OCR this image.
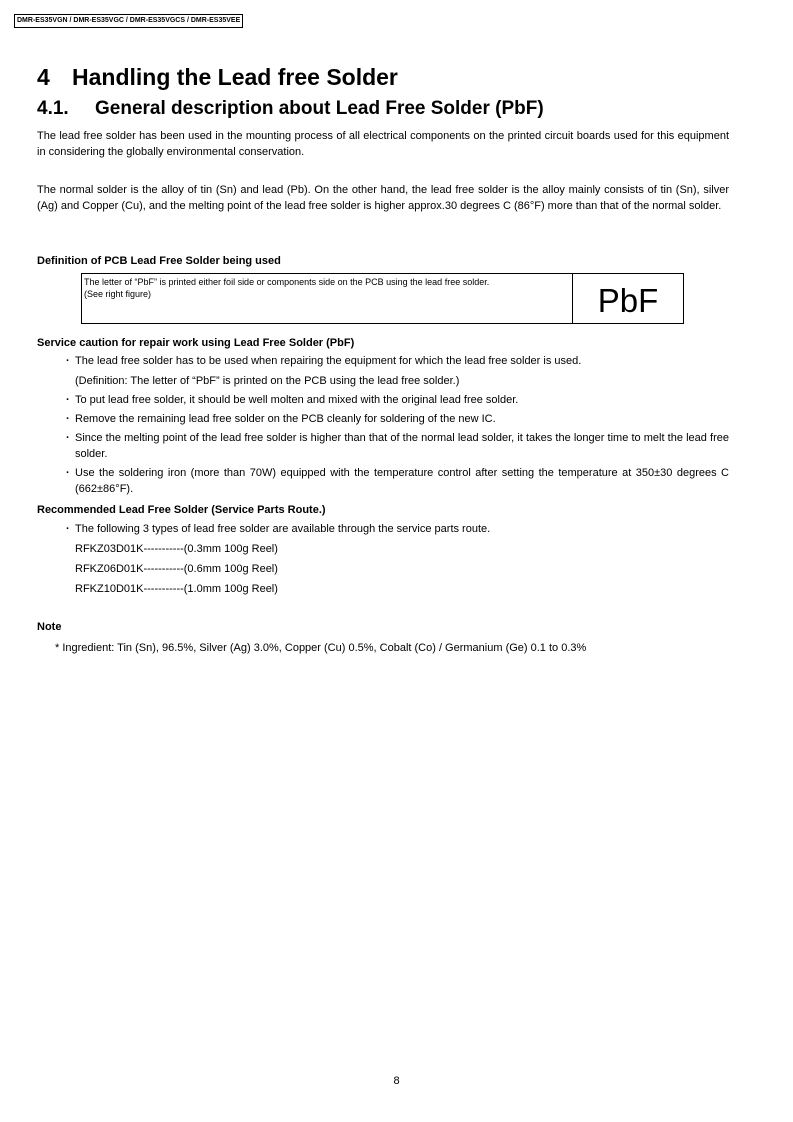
DMR-ES35VGN / DMR-ES35VGC / DMR-ES35VGCS / DMR-ES35VEE
4 Handling the Lead free Solder
4.1. General description about Lead Free Solder (PbF)
The lead free solder has been used in the mounting process of all electrical components on the printed circuit boards used for this equipment in considering the globally environmental conservation.
The normal solder is the alloy of tin (Sn) and lead (Pb). On the other hand, the lead free solder is the alloy mainly consists of tin (Sn), silver (Ag) and Copper (Cu), and the melting point of the lead free solder is higher approx.30 degrees C (86°F) more than that of the normal solder.
Definition of PCB Lead Free Solder being used
The letter of “PbF” is printed either foil side or components side on the PCB using the lead free solder.
(See right figure)	PbF
Service caution for repair work using Lead Free Solder (PbF)
· The lead free solder has to be used when repairing the equipment for which the lead free solder is used.
(Definition: The letter of “PbF” is printed on the PCB using the lead free solder.)
· To put lead free solder, it should be well molten and mixed with the original lead free solder.
· Remove the remaining lead free solder on the PCB cleanly for soldering of the new IC.
· Since the melting point of the lead free solder is higher than that of the normal lead solder, it takes the longer time to melt the lead free solder.
· Use the soldering iron (more than 70W) equipped with the temperature control after setting the temperature at 350±30 degrees C (662±86°F).
Recommended Lead Free Solder (Service Parts Route.)
· The following 3 types of lead free solder are available through the service parts route.
RFKZ03D01K-----------(0.3mm 100g Reel)
RFKZ06D01K-----------(0.6mm 100g Reel)
RFKZ10D01K-----------(1.0mm 100g Reel)
Note
* Ingredient: Tin (Sn), 96.5%, Silver (Ag) 3.0%, Copper (Cu) 0.5%, Cobalt (Co) / Germanium (Ge) 0.1 to 0.3%
8
